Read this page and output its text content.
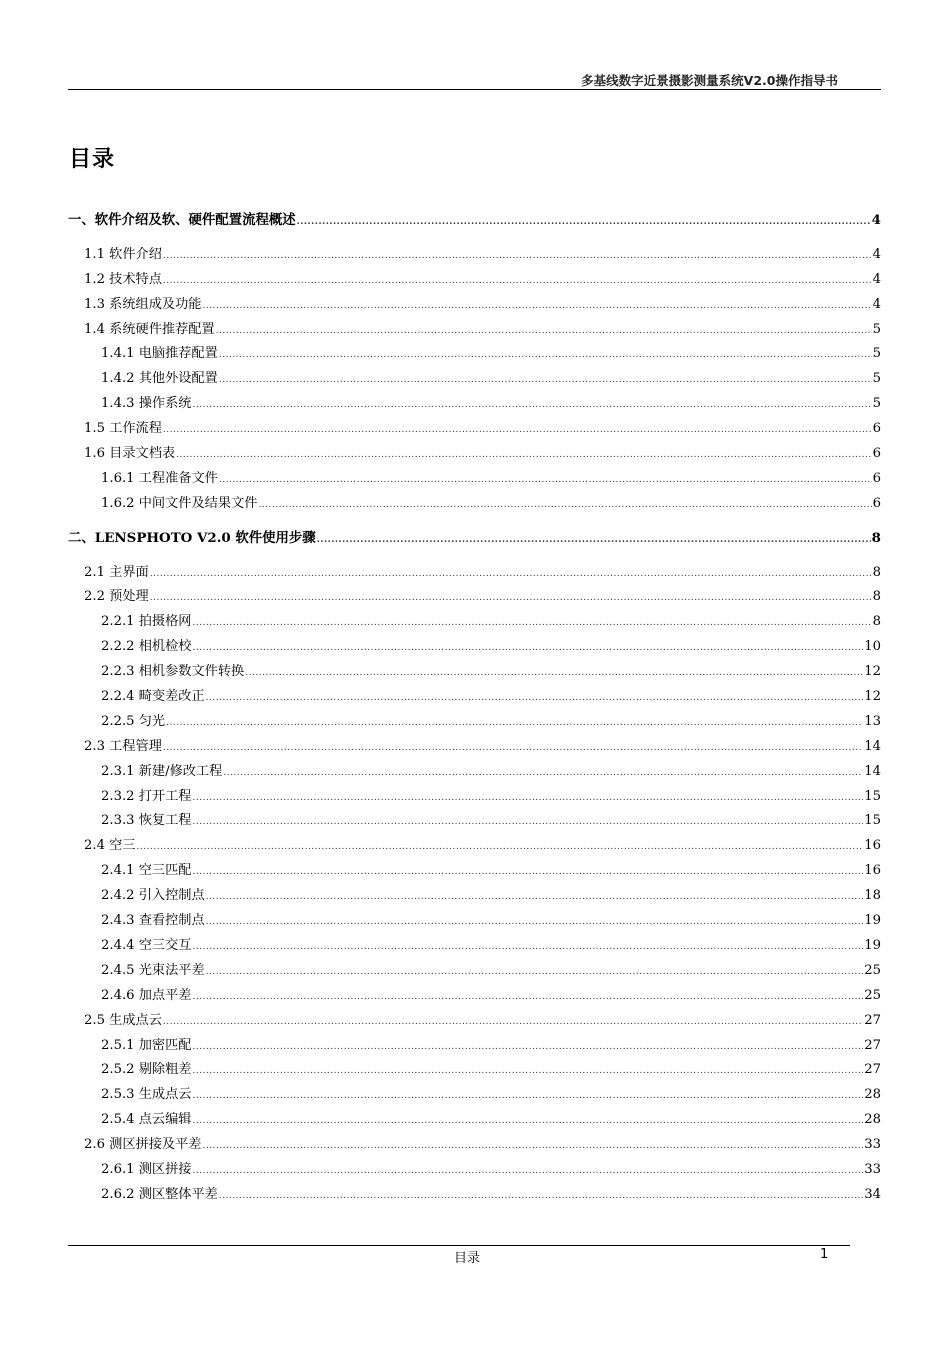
多基线数字近景摄影测量系统V2.0操作指导书
目录
一、软件介绍及软、硬件配置流程概述 .....	4
1.1 软件介绍 .....	4
1.2 技术特点 .....	4
1.3 系统组成及功能 .....	4
1.4 系统硬件推荐配置 .....	5
1.4.1 电脑推荐配置 .....	5
1.4.2 其他外设配置 .....	5
1.4.3 操作系统 .....	5
1.5 工作流程 .....	6
1.6 目录文档表 .....	6
1.6.1 工程准备文件 .....	6
1.6.2 中间文件及结果文件 .....	6
二、LENSPHOTO V2.0 软件使用步骤 .....	8
2.1 主界面 .....	8
2.2 预处理 .....	8
2.2.1 拍摄格网 .....	8
2.2.2 相机检校 .....	10
2.2.3 相机参数文件转换 .....	12
2.2.4 畸变差改正 .....	12
2.2.5 匀光 .....	13
2.3 工程管理 .....	14
2.3.1 新建/修改工程 .....	14
2.3.2 打开工程 .....	15
2.3.3 恢复工程 .....	15
2.4 空三 .....	16
2.4.1 空三匹配 .....	16
2.4.2 引入控制点 .....	18
2.4.3 查看控制点 .....	19
2.4.4 空三交互 .....	19
2.4.5 光束法平差 .....	25
2.4.6 加点平差 .....	25
2.5 生成点云 .....	27
2.5.1 加密匹配 .....	27
2.5.2 剔除粗差 .....	27
2.5.3 生成点云 .....	28
2.5.4 点云编辑 .....	28
2.6 测区拼接及平差 .....	33
2.6.1 测区拼接 .....	33
2.6.2 测区整体平差 .....	34
目录	1
